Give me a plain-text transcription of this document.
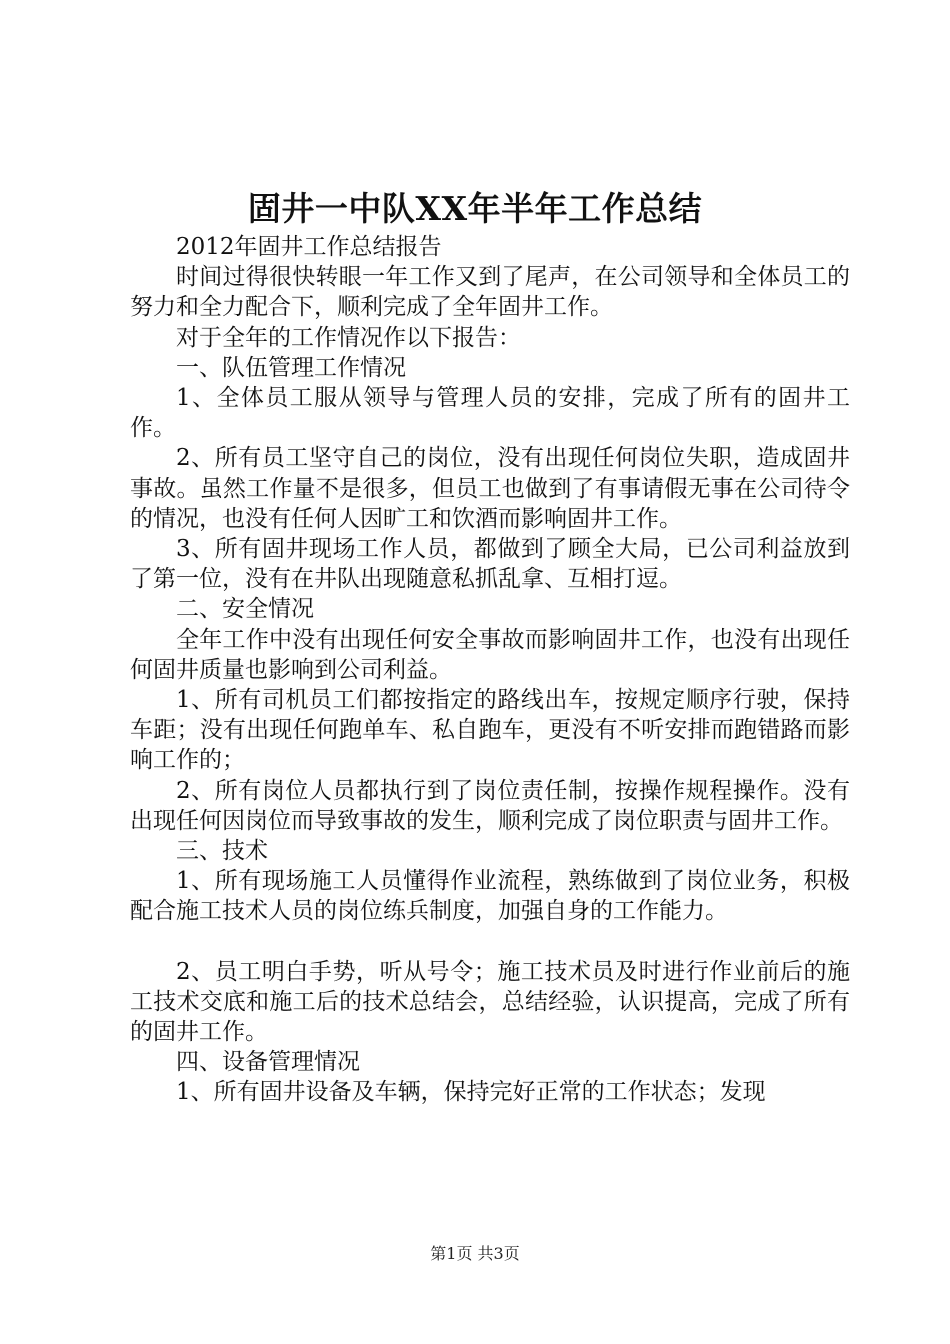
固井一中队XX年半年工作总结

2012年固井工作总结报告

时间过得很快转眼一年工作又到了尾声，在公司领导和全体员工的努力和全力配合下，顺利完成了全年固井工作。

对于全年的工作情况作以下报告：

一、队伍管理工作情况

1、全体员工服从领导与管理人员的安排，完成了所有的固井工作。

2、所有员工坚守自己的岗位，没有出现任何岗位失职，造成固井事故。虽然工作量不是很多，但员工也做到了有事请假无事在公司待令的情况，也没有任何人因旷工和饮酒而影响固井工作。

3、所有固井现场工作人员，都做到了顾全大局，已公司利益放到了第一位，没有在井队出现随意私抓乱拿、互相打逗。

二、安全情况

全年工作中没有出现任何安全事故而影响固井工作，也没有出现任何固井质量也影响到公司利益。

1、所有司机员工们都按指定的路线出车，按规定顺序行驶，保持车距；没有出现任何跑单车、私自跑车，更没有不听安排而跑错路而影响工作的；

2、所有岗位人员都执行到了岗位责任制，按操作规程操作。没有出现任何因岗位而导致事故的发生，顺利完成了岗位职责与固井工作。

三、技术

1、所有现场施工人员懂得作业流程，熟练做到了岗位业务，积极配合施工技术人员的岗位练兵制度，加强自身的工作能力。

2、员工明白手势，听从号令；施工技术员及时进行作业前后的施工技术交底和施工后的技术总结会，总结经验，认识提高，完成了所有的固井工作。

四、设备管理情况

1、所有固井设备及车辆，保持完好正常的工作状态；发现

第1页 共3页
